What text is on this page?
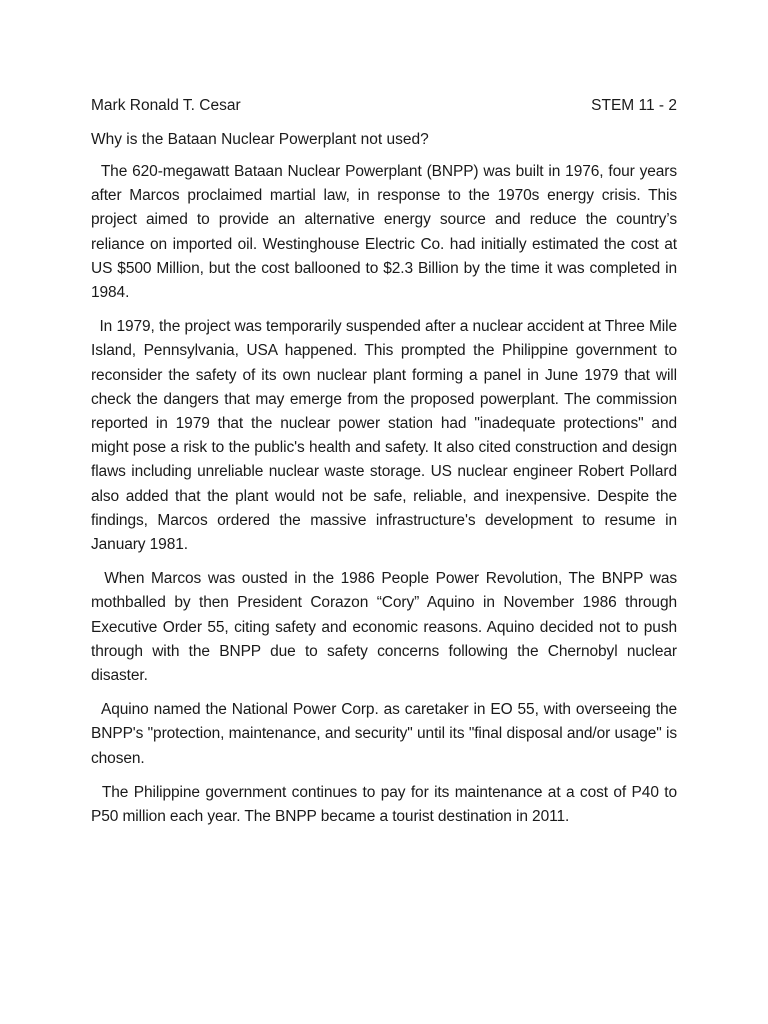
Mark Ronald T. Cesar	STEM 11 - 2
Why is the Bataan Nuclear Powerplant not used?

The 620-megawatt Bataan Nuclear Powerplant (BNPP) was built in 1976, four years after Marcos proclaimed martial law, in response to the 1970s energy crisis. This project aimed to provide an alternative energy source and reduce the country’s reliance on imported oil. Westinghouse Electric Co. had initially estimated the cost at US $500 Million, but the cost ballooned to $2.3 Billion by the time it was completed in 1984.

In 1979, the project was temporarily suspended after a nuclear accident at Three Mile Island, Pennsylvania, USA happened. This prompted the Philippine government to reconsider the safety of its own nuclear plant forming a panel in June 1979 that will check the dangers that may emerge from the proposed powerplant. The commission reported in 1979 that the nuclear power station had "inadequate protections" and might pose a risk to the public's health and safety. It also cited construction and design flaws including unreliable nuclear waste storage. US nuclear engineer Robert Pollard also added that the plant would not be safe, reliable, and inexpensive. Despite the findings, Marcos ordered the massive infrastructure's development to resume in January 1981.

When Marcos was ousted in the 1986 People Power Revolution, The BNPP was mothballed by then President Corazon “Cory” Aquino in November 1986 through Executive Order 55, citing safety and economic reasons. Aquino decided not to push through with the BNPP due to safety concerns following the Chernobyl nuclear disaster.

Aquino named the National Power Corp. as caretaker in EO 55, with overseeing the BNPP's "protection, maintenance, and security" until its "final disposal and/or usage" is chosen.

The Philippine government continues to pay for its maintenance at a cost of P40 to P50 million each year. The BNPP became a tourist destination in 2011.
